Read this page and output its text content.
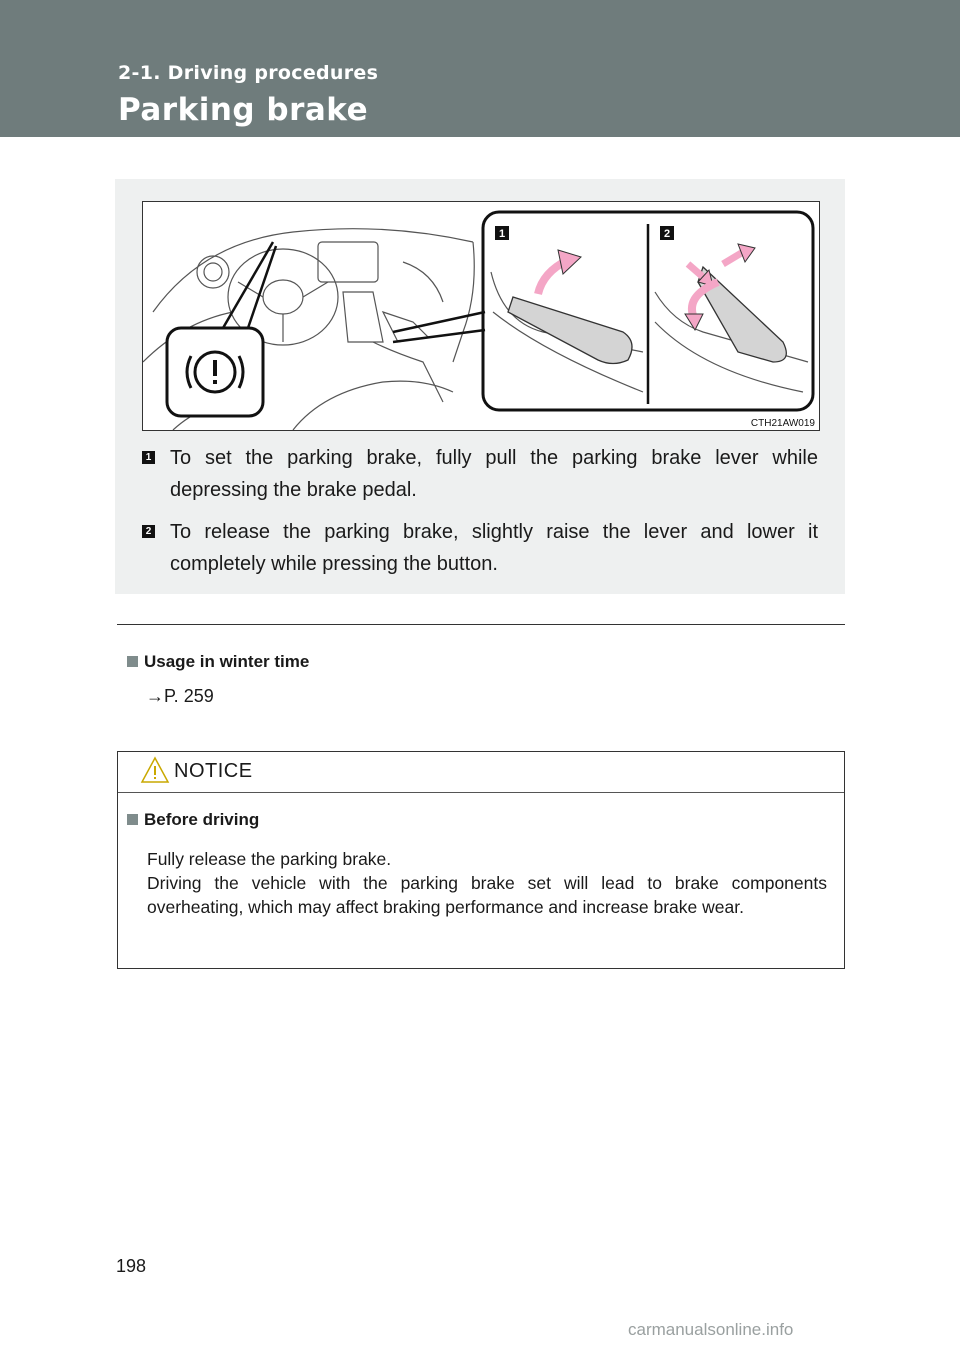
2-1. Driving procedures
Parking brake
1	2
CTH21AW019
1 To set the parking brake, fully pull the parking brake lever while depressing the brake pedal.
2 To release the parking brake, slightly raise the lever and lower it completely while pressing the button.
Usage in winter time
→P. 259
NOTICE
Before driving
Fully release the parking brake.
Driving the vehicle with the parking brake set will lead to brake components overheating, which may affect braking performance and increase brake wear.
198
carmanualsonline.info
